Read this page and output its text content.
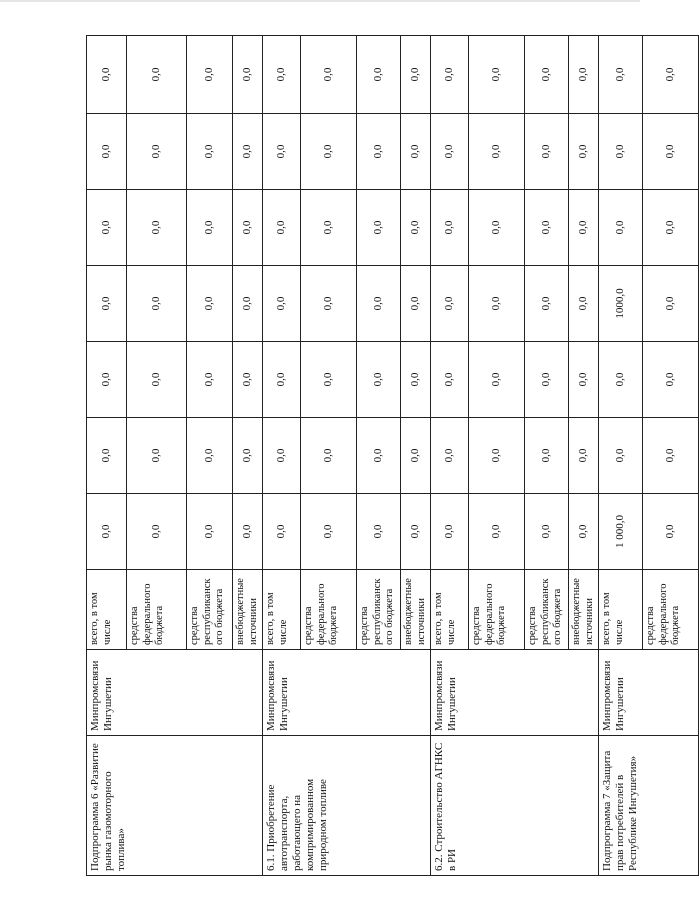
Подпрограмма 6 «Развитие рынка газомоторного топлива»	Минпромсвязи Ингушетии	всего, в том числе	0,0	0,0	0,0	0,0	0,0	0,0	0,0
		средства федерального бюджета	0,0	0,0	0,0	0,0	0,0	0,0	0,0
		средства республиканск ого бюджета	0,0	0,0	0,0	0,0	0,0	0,0	0,0
		внебюджетные источники	0,0	0,0	0,0	0,0	0,0	0,0	0,0
6.1. Приобретение автотранспорта, работающего на компримированном природном топливе	Минпромсвязи Ингушетии	всего, в том числе	0,0	0,0	0,0	0,0	0,0	0,0	0,0
		средства федерального бюджета	0,0	0,0	0,0	0,0	0,0	0,0	0,0
		средства республиканск ого бюджета	0,0	0,0	0,0	0,0	0,0	0,0	0,0
		внебюджетные источники	0,0	0,0	0,0	0,0	0,0	0,0	0,0
6.2. Строительство АГНКС в РИ	Минпромсвязи Ингушетии	всего, в том числе	0,0	0,0	0,0	0,0	0,0	0,0	0,0
		средства федерального бюджета	0,0	0,0	0,0	0,0	0,0	0,0	0,0
		средства республиканск ого бюджета	0,0	0,0	0,0	0,0	0,0	0,0	0,0
		внебюджетные источники	0,0	0,0	0,0	0,0	0,0	0,0	0,0
Подпрограмма 7 «Защита прав потребителей в Республике Ингушетия»	Минпромсвязи Ингушетии	всего, в том числе	1 000,0	0,0	0,0	1000,0	0,0	0,0	0,0
		средства федерального бюджета	0,0	0,0	0,0	0,0	0,0	0,0	0,0
